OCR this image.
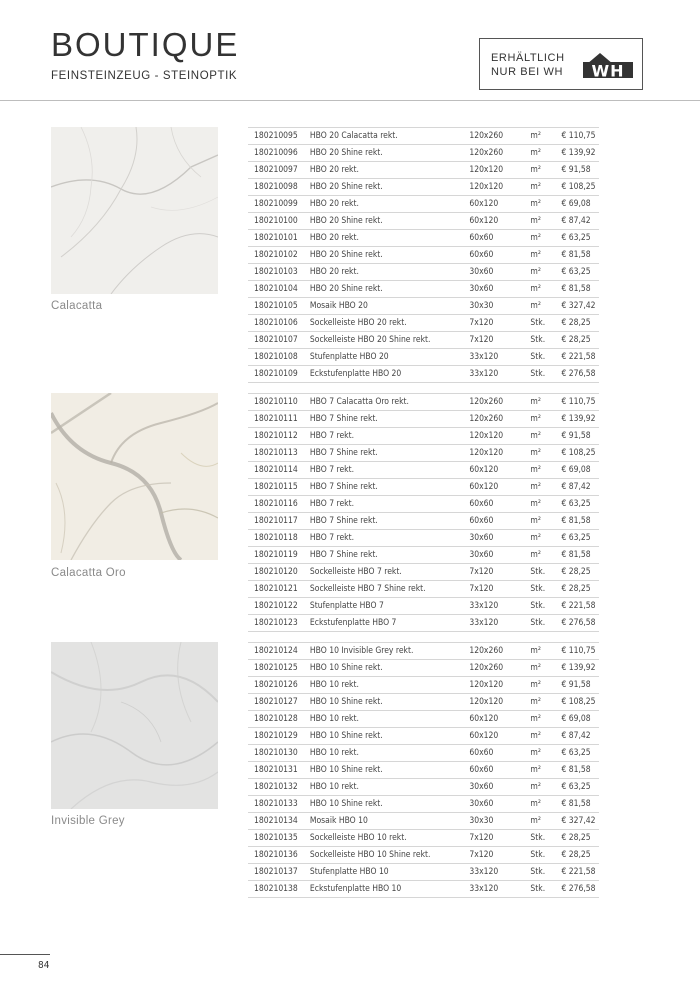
BOUTIQUE
FEINSTEINZEUG - STEINOPTIK
ERHÄLTLICH
NUR BEI WH WH
Calacatta
180210095	HBO 20 Calacatta rekt.	120x260	m²	€ 110,75
180210096	HBO 20 Shine rekt.	120x260	m²	€ 139,92
180210097	HBO 20 rekt.	120x120	m²	€ 91,58
180210098	HBO 20 Shine rekt.	120x120	m²	€ 108,25
180210099	HBO 20 rekt.	60x120	m²	€ 69,08
180210100	HBO 20 Shine rekt.	60x120	m²	€ 87,42
180210101	HBO 20 rekt.	60x60	m²	€ 63,25
180210102	HBO 20 Shine rekt.	60x60	m²	€ 81,58
180210103	HBO 20 rekt.	30x60	m²	€ 63,25
180210104	HBO 20 Shine rekt.	30x60	m²	€ 81,58
180210105	Mosaik HBO 20	30x30	m²	€ 327,42
180210106	Sockelleiste HBO 20 rekt.	7x120	Stk.	€ 28,25
180210107	Sockelleiste HBO 20 Shine rekt.	7x120	Stk.	€ 28,25
180210108	Stufenplatte HBO 20	33x120	Stk.	€ 221,58
180210109	Eckstufenplatte HBO 20	33x120	Stk.	€ 276,58
Calacatta Oro
180210110	HBO 7 Calacatta Oro rekt.	120x260	m²	€ 110,75
180210111	HBO 7 Shine rekt.	120x260	m²	€ 139,92
180210112	HBO 7 rekt.	120x120	m²	€ 91,58
180210113	HBO 7 Shine rekt.	120x120	m²	€ 108,25
180210114	HBO 7 rekt.	60x120	m²	€ 69,08
180210115	HBO 7 Shine rekt.	60x120	m²	€ 87,42
180210116	HBO 7 rekt.	60x60	m²	€ 63,25
180210117	HBO 7 Shine rekt.	60x60	m²	€ 81,58
180210118	HBO 7 rekt.	30x60	m²	€ 63,25
180210119	HBO 7 Shine rekt.	30x60	m²	€ 81,58
180210120	Sockelleiste HBO 7 rekt.	7x120	Stk.	€ 28,25
180210121	Sockelleiste HBO 7 Shine rekt.	7x120	Stk.	€ 28,25
180210122	Stufenplatte HBO 7	33x120	Stk.	€ 221,58
180210123	Eckstufenplatte HBO 7	33x120	Stk.	€ 276,58
Invisible Grey
180210124	HBO 10 Invisible Grey rekt.	120x260	m²	€ 110,75
180210125	HBO 10 Shine rekt.	120x260	m²	€ 139,92
180210126	HBO 10 rekt.	120x120	m²	€ 91,58
180210127	HBO 10 Shine rekt.	120x120	m²	€ 108,25
180210128	HBO 10 rekt.	60x120	m²	€ 69,08
180210129	HBO 10 Shine rekt.	60x120	m²	€ 87,42
180210130	HBO 10 rekt.	60x60	m²	€ 63,25
180210131	HBO 10 Shine rekt.	60x60	m²	€ 81,58
180210132	HBO 10 rekt.	30x60	m²	€ 63,25
180210133	HBO 10 Shine rekt.	30x60	m²	€ 81,58
180210134	Mosaik HBO 10	30x30	m²	€ 327,42
180210135	Sockelleiste HBO 10 rekt.	7x120	Stk.	€ 28,25
180210136	Sockelleiste HBO 10 Shine rekt.	7x120	Stk.	€ 28,25
180210137	Stufenplatte HBO 10	33x120	Stk.	€ 221,58
180210138	Eckstufenplatte HBO 10	33x120	Stk.	€ 276,58
84
